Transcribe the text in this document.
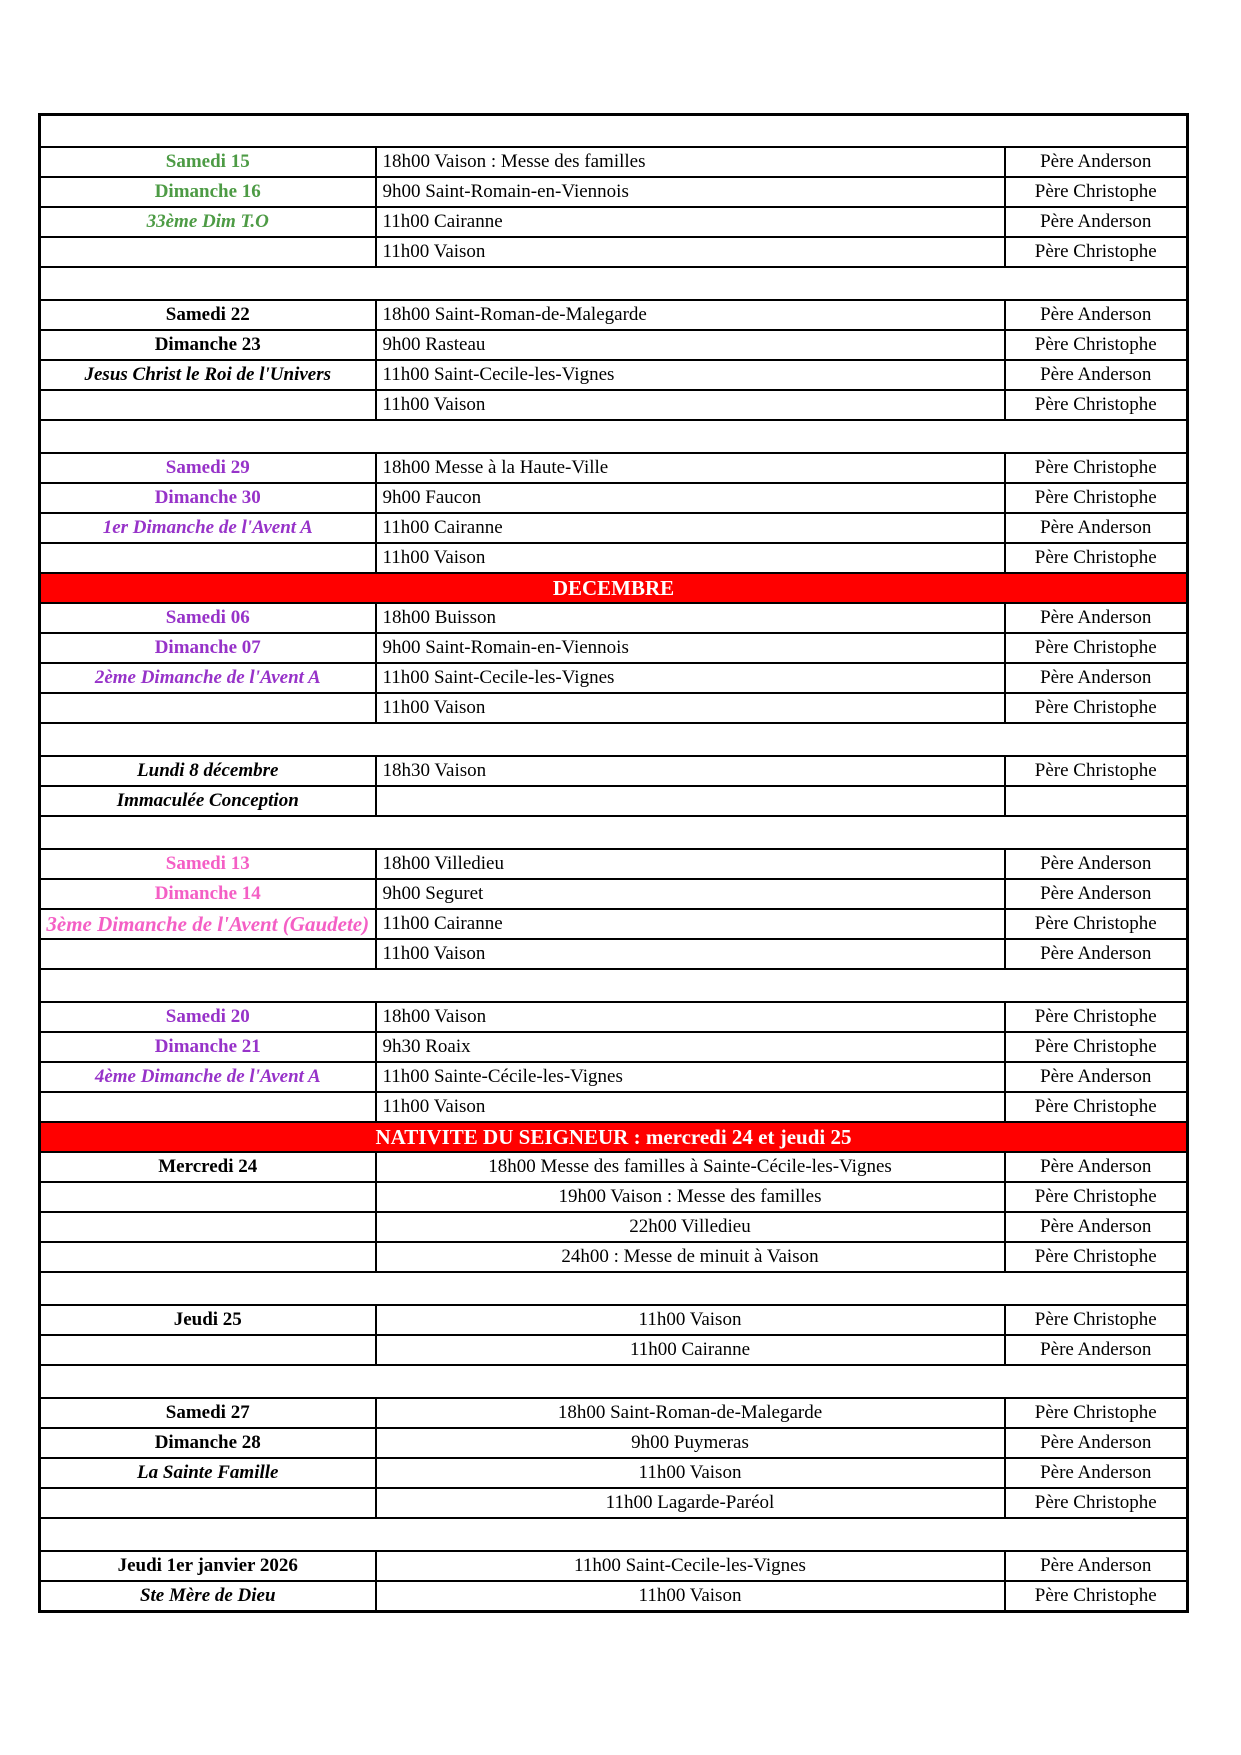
Samedi 15	18h00 Vaison : Messe des familles	Père Anderson
Dimanche 16	9h00 Saint-Romain-en-Viennois	Père Christophe
33ème Dim T.O	11h00 Cairanne	Père Anderson
	11h00 Vaison	Père Christophe

Samedi 22	18h00 Saint-Roman-de-Malegarde	Père Anderson
Dimanche 23	9h00 Rasteau	Père Christophe
Jesus Christ le Roi de l'Univers	11h00 Saint-Cecile-les-Vignes	Père Anderson
	11h00 Vaison	Père Christophe

Samedi 29	18h00 Messe à la Haute-Ville	Père Christophe
Dimanche 30	9h00 Faucon	Père Christophe
1er Dimanche de l'Avent A	11h00 Cairanne	Père Anderson
	11h00 Vaison	Père Christophe
DECEMBRE		
Samedi 06	18h00 Buisson	Père Anderson
Dimanche 07	9h00 Saint-Romain-en-Viennois	Père Christophe
2ème Dimanche de l'Avent A	11h00 Saint-Cecile-les-Vignes	Père Anderson
	11h00 Vaison	Père Christophe

Lundi 8 décembre	18h30 Vaison	Père Christophe
Immaculée Conception		

Samedi 13	18h00 Villedieu	Père Anderson
Dimanche 14	9h00 Seguret	Père Anderson
3ème Dimanche de l'Avent (Gaudete)	11h00 Cairanne	Père Christophe
	11h00 Vaison	Père Anderson

Samedi 20	18h00 Vaison	Père Christophe
Dimanche 21	9h30 Roaix	Père Christophe
4ème Dimanche de l'Avent A	11h00 Sainte-Cécile-les-Vignes	Père Anderson
	11h00 Vaison	Père Christophe
NATIVITE DU SEIGNEUR : mercredi 24 et jeudi 25		
Mercredi 24	18h00 Messe des familles à Sainte-Cécile-les-Vignes	Père Anderson
	19h00 Vaison : Messe des familles	Père Christophe
	22h00 Villedieu	Père Anderson
	24h00 : Messe de minuit à Vaison	Père Christophe

Jeudi 25	11h00 Vaison	Père Christophe
	11h00 Cairanne	Père Anderson

Samedi 27	18h00 Saint-Roman-de-Malegarde	Père Christophe
Dimanche 28	9h00 Puymeras	Père Anderson
La Sainte Famille	11h00 Vaison	Père Anderson
	11h00 Lagarde-Paréol	Père Christophe

Jeudi 1er janvier 2026	11h00 Saint-Cecile-les-Vignes	Père Anderson
Ste Mère de Dieu	11h00 Vaison	Père Christophe
